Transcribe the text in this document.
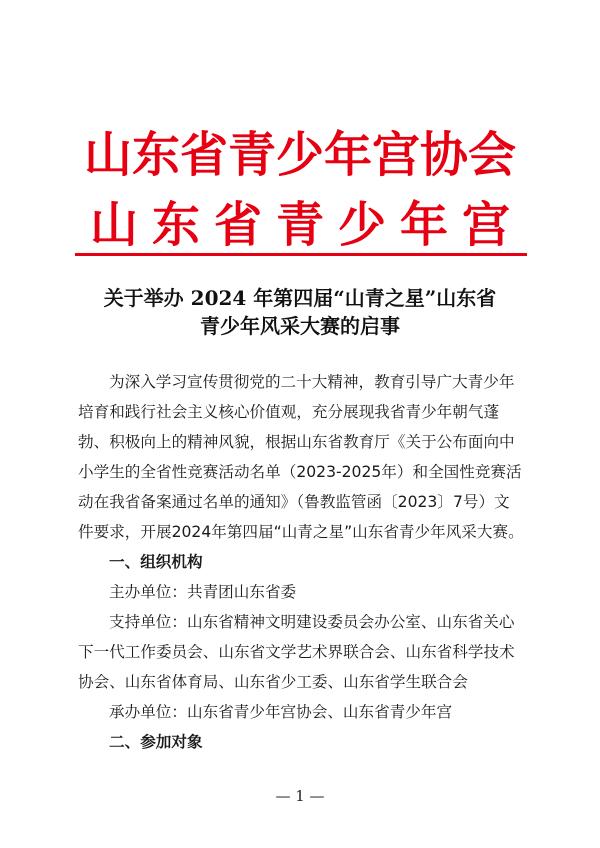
山东省青少年宫协会
山东省青少年宫
关于举办 2024 年第四届“山青之星”山东省
青少年风采大赛的启事
为深入学习宣传贯彻党的二十大精神，教育引导广大青少年
培育和践行社会主义核心价值观，充分展现我省青少年朝气蓬
勃、积极向上的精神风貌，根据山东省教育厅《关于公布面向中
小学生的全省性竞赛活动名单（2023-2025年）和全国性竞赛活
动在我省备案通过名单的通知》（鲁教监管函〔2023〕7号）文
件要求，开展2024年第四届“山青之星”山东省青少年风采大赛。
一、组织机构
主办单位：共青团山东省委
支持单位：山东省精神文明建设委员会办公室、山东省关心
下一代工作委员会、山东省文学艺术界联合会、山东省科学技术
协会、山东省体育局、山东省少工委、山东省学生联合会
承办单位：山东省青少年宫协会、山东省青少年宫
二、参加对象
— 1 —
